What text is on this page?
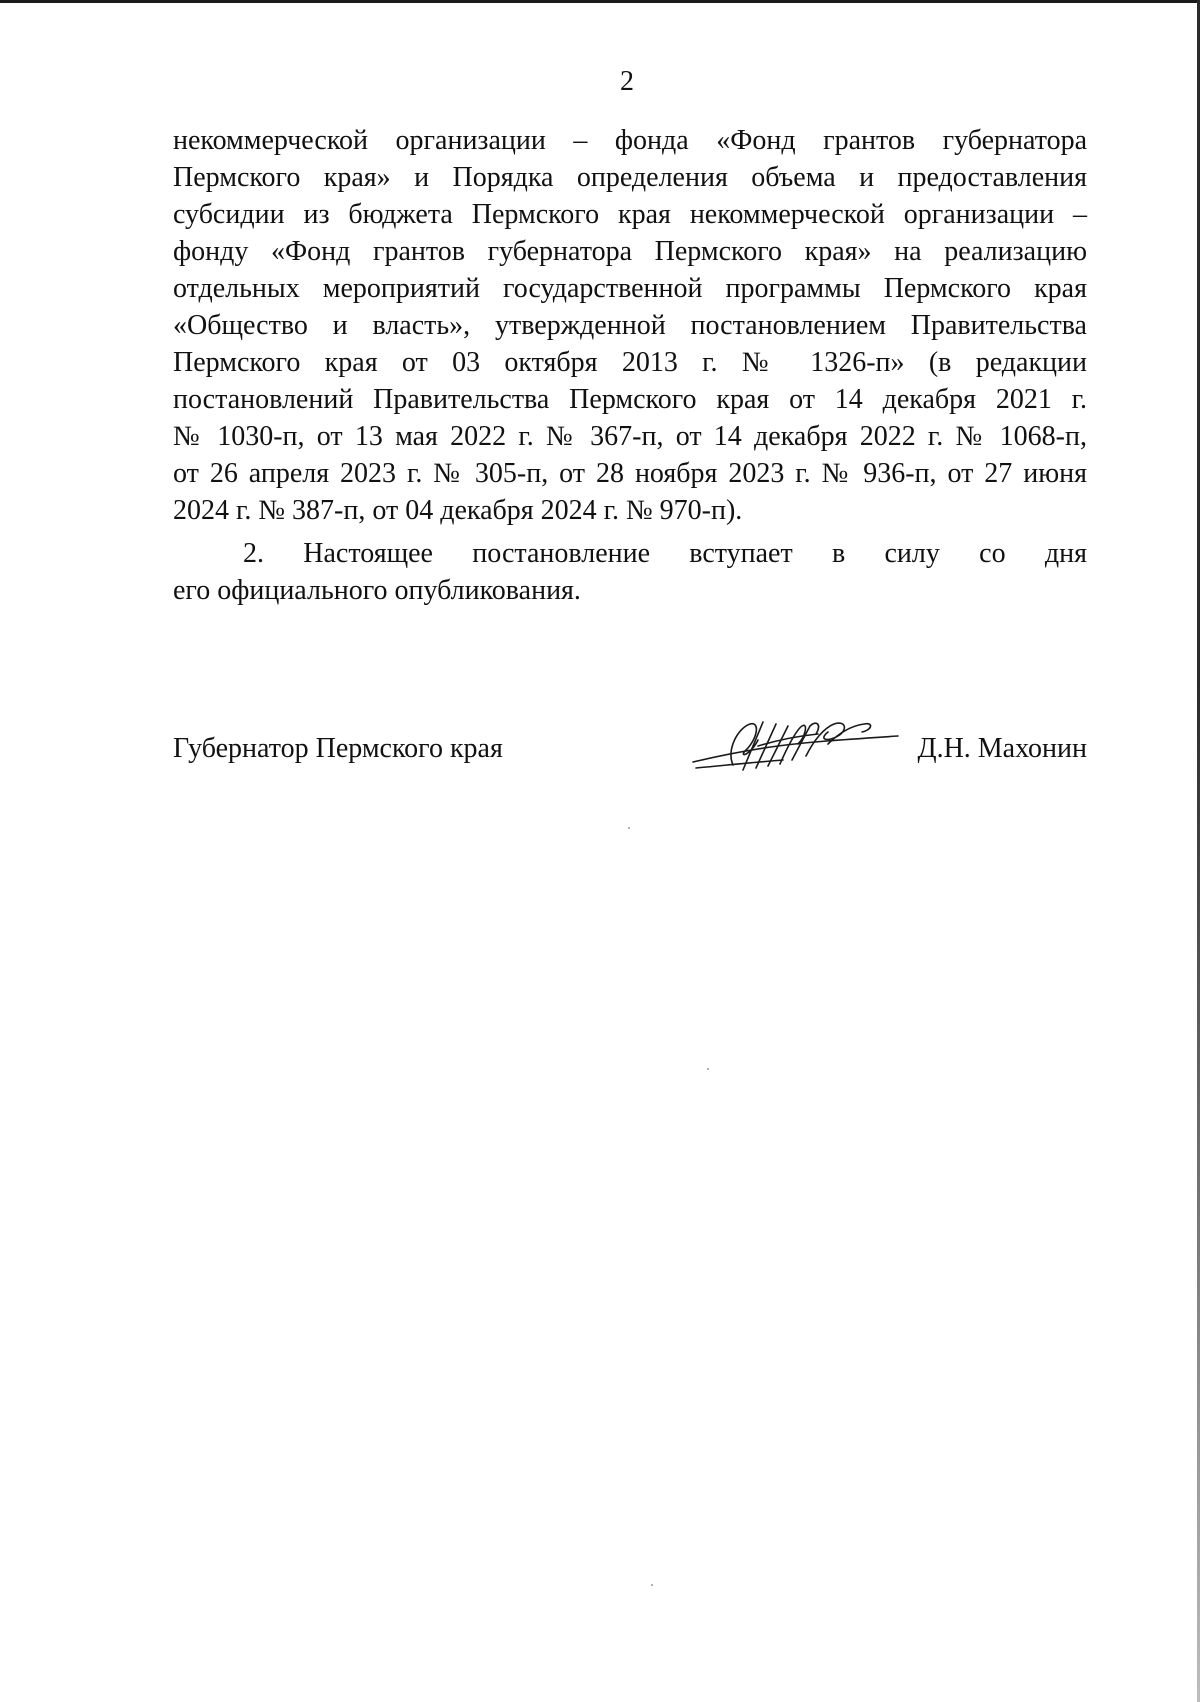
2
некоммерческой организации – фонда «Фонд грантов губернатора
Пермского края» и Порядка определения объема и предоставления
субсидии из бюджета Пермского края некоммерческой организации –
фонду «Фонд грантов губернатора Пермского края» на реализацию
отдельных мероприятий государственной программы Пермского края
«Общество и власть», утвержденной постановлением Правительства
Пермского края от 03 октября 2013 г. № 1326-п» (в редакции
постановлений Правительства Пермского края от 14 декабря 2021 г.
№ 1030-п, от 13 мая 2022 г. № 367-п, от 14 декабря 2022 г. № 1068-п,
от 26 апреля 2023 г. № 305-п, от 28 ноября 2023 г. № 936-п, от 27 июня
2024 г. № 387-п, от 04 декабря 2024 г. № 970-п).
2. Настоящее постановление вступает в силу со дня
его официального опубликования.
Губернатор Пермского края	Д.Н. Махонин
